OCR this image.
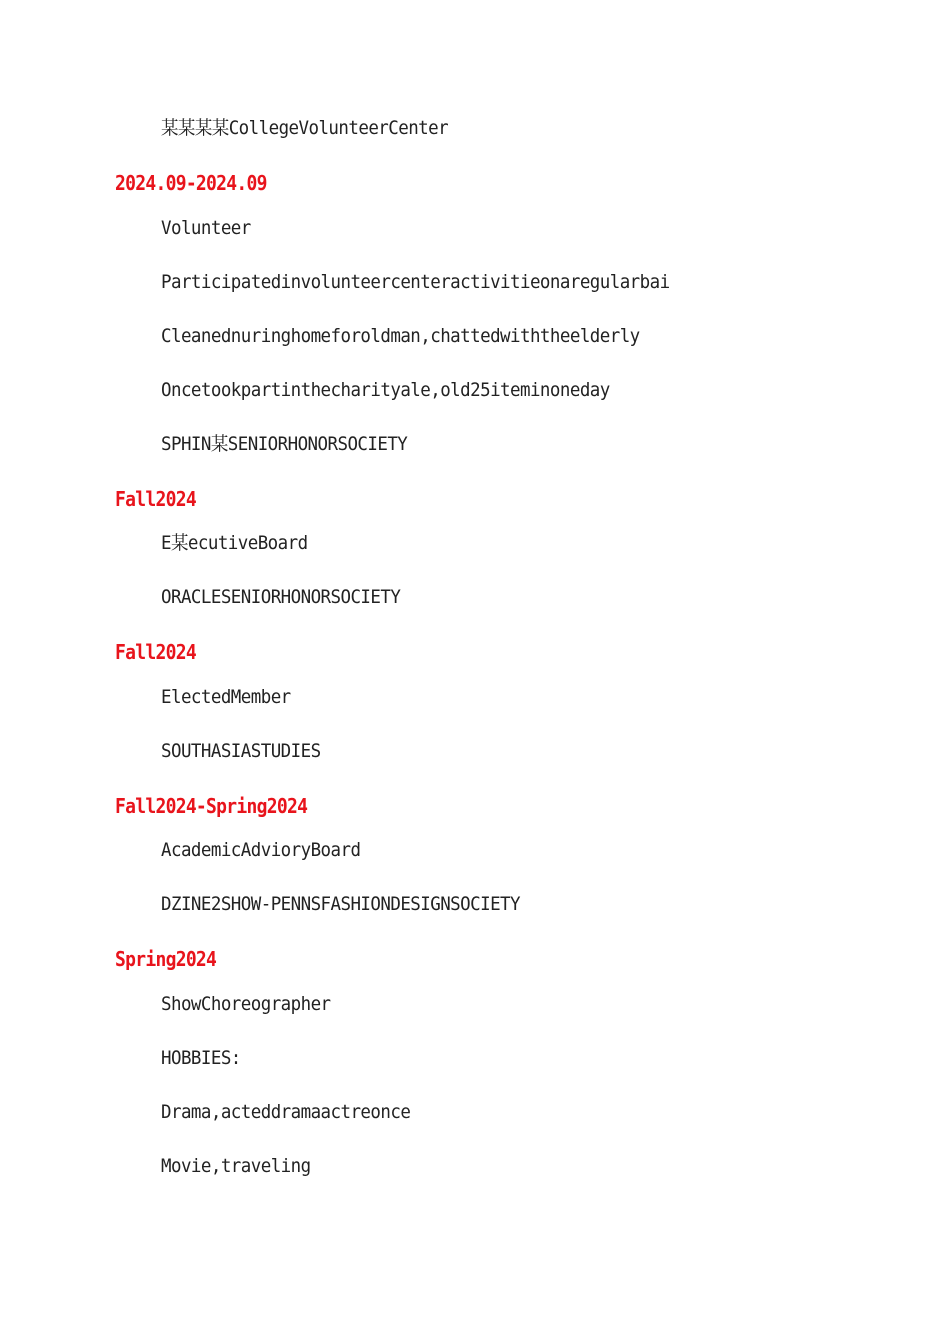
某某某某CollegeVolunteerCenter
2024.09-2024.09
Volunteer
Participatedinvolunteercenteractivitieonaregularbai
Cleanednuringhomeforoldman,chattedwiththeelderly
Oncetookpartinthecharityale,old25iteminoneday
SPHIN某SENIORHONORSOCIETY
Fall2024
E某ecutiveBoard
ORACLESENIORHONORSOCIETY
Fall2024
ElectedMember
SOUTHASIASTUDIES
Fall2024-Spring2024
AcademicAdvioryBoard
DZINE2SHOW-PENNSFASHIONDESIGNSOCIETY
Spring2024
ShowChoreographer
HOBBIES:
Drama,acteddramaactreonce
Movie,traveling
